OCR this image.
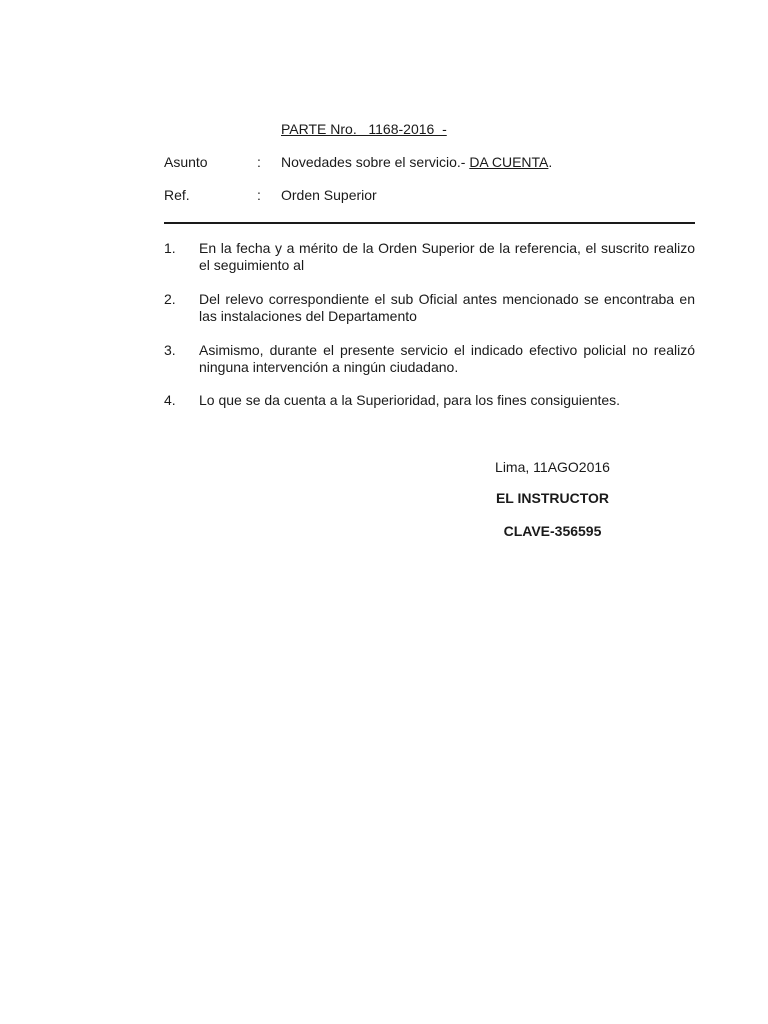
PARTE Nro.   1168-2016  -
Asunto	: Novedades sobre el servicio.- DA CUENTA.
Ref.	: Orden Superior
1. En la fecha y a mérito de la Orden Superior de la referencia, el suscrito realizo el seguimiento al
2. Del relevo correspondiente el sub Oficial antes mencionado se encontraba en las instalaciones del Departamento
3. Asimismo, durante el presente servicio el indicado efectivo policial no realizó ninguna intervención a ningún ciudadano.
4. Lo que se da cuenta a la Superioridad, para los fines consiguientes.
Lima, 11AGO2016
EL INSTRUCTOR
CLAVE-356595
